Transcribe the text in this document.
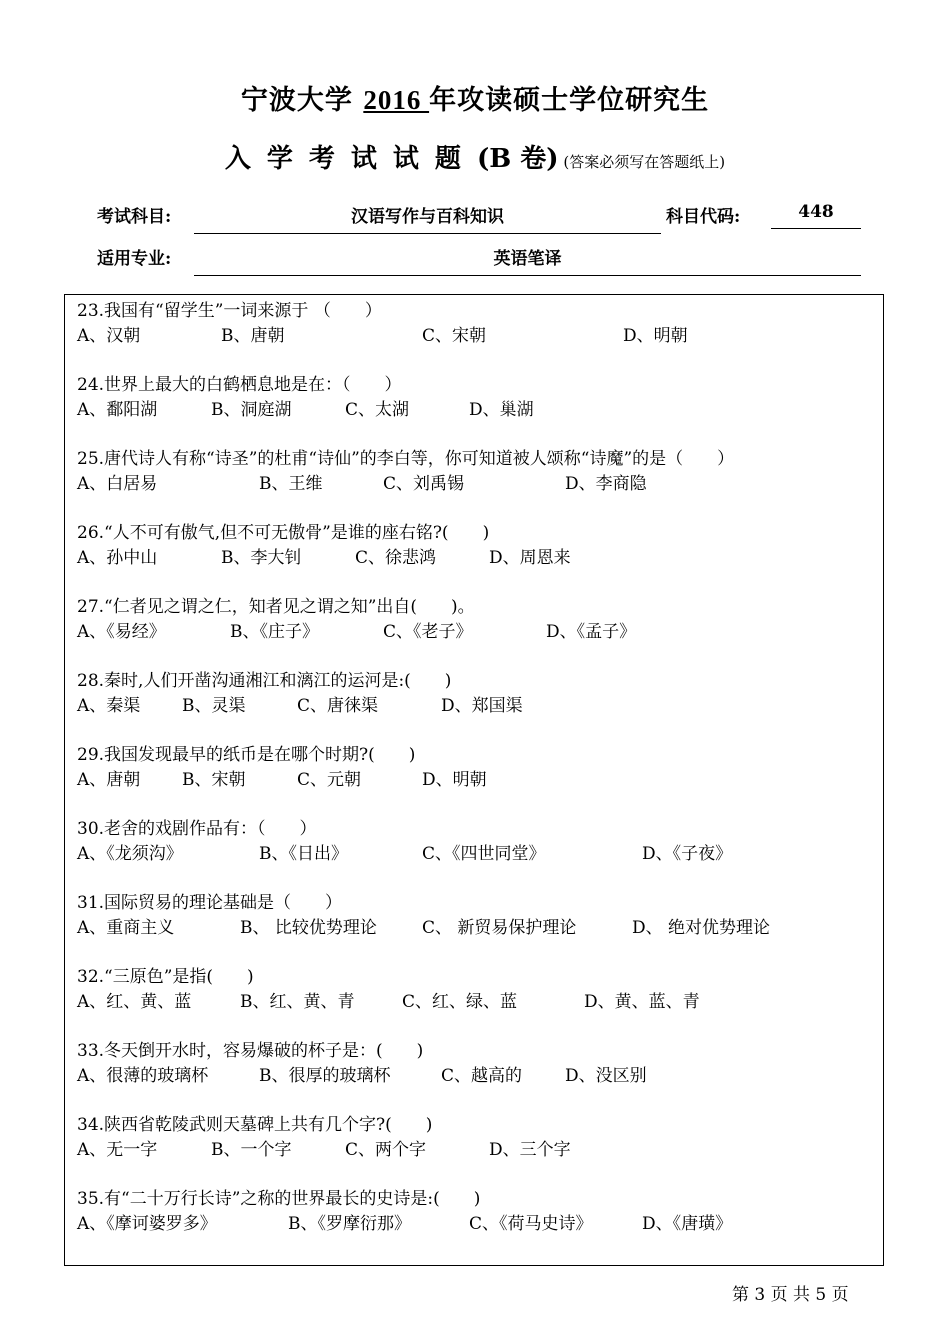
宁波大学 2016 年攻读硕士学位研究生
入学考试试题(B 卷) (答案必须写在答题纸上)
考试科目:	汉语写作与百科知识	科目代码:	448
适用专业:	英语笔译
23.我国有“留学生”一词来源于 （　　）
A、汉朝	B、唐朝	C、宋朝	D、明朝
24.世界上最大的白鹤栖息地是在：（　　）
A、鄱阳湖	B、洞庭湖	C、太湖	D、巢湖
25.唐代诗人有称“诗圣”的杜甫“诗仙”的李白等，你可知道被人颂称“诗魔”的是（　　）
A、白居易	B、王维	C、刘禹锡	D、李商隐
26.“人不可有傲气,但不可无傲骨”是谁的座右铭?(　　)
A、孙中山	B、李大钊	C、徐悲鸿	D、周恩来
27.“仁者见之谓之仁，知者见之谓之知”出自(　　)。
A、《易经》	B、《庄子》	C、《老子》	D、《孟子》
28.秦时,人们开凿沟通湘江和漓江的运河是:(　　)
A、秦渠 B、灵渠	C、唐徕渠	D、郑国渠
29.我国发现最早的纸币是在哪个时期?(　　)
A、唐朝 B、宋朝	C、元朝	D、明朝
30.老舍的戏剧作品有：（　　）
A、《龙须沟》	B、《日出》	C、《四世同堂》	D、《子夜》
31.国际贸易的理论基础是（　　）
A、重商主义	B、 比较优势理论	C、 新贸易保护理论	D、 绝对优势理论
32.“三原色”是指(　　)
A、红、黄、蓝	B、红、黄、青	C、红、绿、蓝	D、黄、蓝、青
33.冬天倒开水时，容易爆破的杯子是：(　　)
A、很薄的玻璃杯	B、很厚的玻璃杯	C、越高的	D、没区别
34.陕西省乾陵武则天墓碑上共有几个字?(　　)
A、无一字	B、一个字	C、两个字	D、三个字
35.有“二十万行长诗”之称的世界最长的史诗是:(　　)
A、《摩诃婆罗多》	B、《罗摩衍那》	C、《荷马史诗》	D、《唐璜》
第 3 页 共 5 页
